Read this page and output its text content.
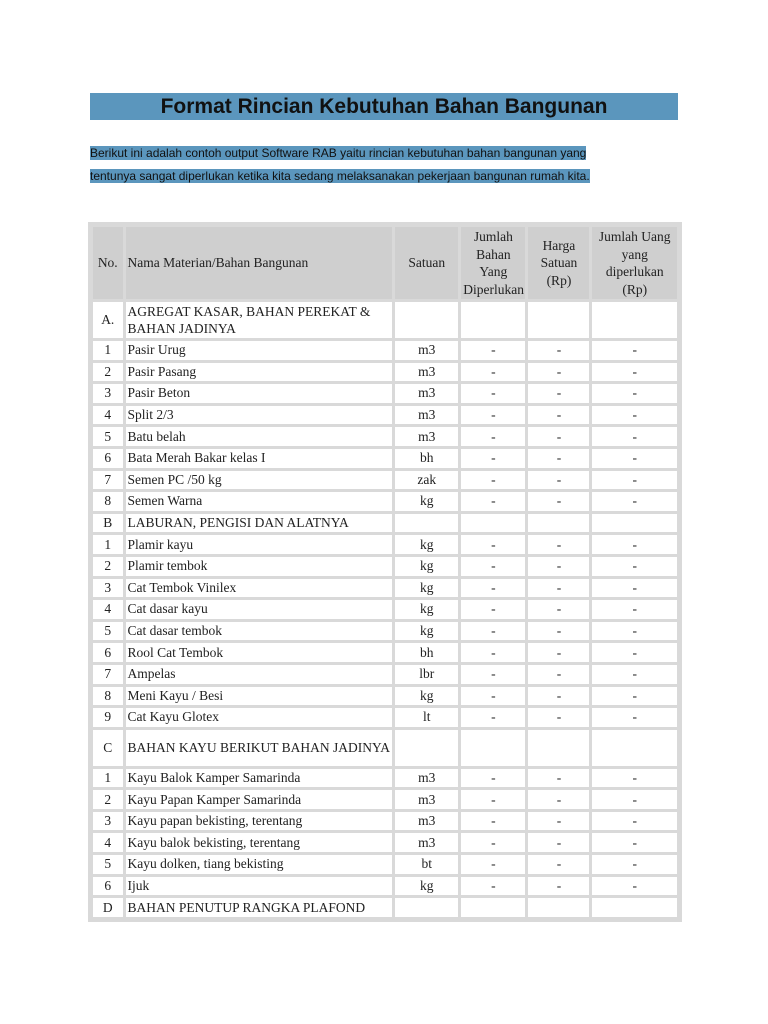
Format Rincian Kebutuhan Bahan Bangunan
Berikut ini adalah contoh output Software RAB yaitu rincian kebutuhan bahan bangunan yang
tentunya sangat diperlukan ketika kita sedang melaksanakan pekerjaan bangunan rumah kita.
No.	Nama Materian/Bahan Bangunan	Satuan	Jumlah Bahan Yang Diperlukan	Harga Satuan (Rp)	Jumlah Uang yang diperlukan (Rp)
A.	AGREGAT KASAR, BAHAN PEREKAT & BAHAN JADINYA				
1	Pasir Urug	m3	-	-	-
2	Pasir Pasang	m3	-	-	-
3	Pasir Beton	m3	-	-	-
4	Split 2/3	m3	-	-	-
5	Batu belah	m3	-	-	-
6	Bata Merah Bakar kelas I	bh	-	-	-
7	Semen PC /50 kg	zak	-	-	-
8	Semen Warna	kg	-	-	-
B	LABURAN, PENGISI DAN ALATNYA				
1	Plamir kayu	kg	-	-	-
2	Plamir tembok	kg	-	-	-
3	Cat Tembok Vinilex	kg	-	-	-
4	Cat dasar kayu	kg	-	-	-
5	Cat dasar tembok	kg	-	-	-
6	Rool Cat Tembok	bh	-	-	-
7	Ampelas	lbr	-	-	-
8	Meni Kayu / Besi	kg	-	-	-
9	Cat Kayu Glotex	lt	-	-	-
C	BAHAN KAYU BERIKUT BAHAN JADINYA				
1	Kayu Balok Kamper Samarinda	m3	-	-	-
2	Kayu Papan Kamper Samarinda	m3	-	-	-
3	Kayu papan bekisting, terentang	m3	-	-	-
4	Kayu balok bekisting, terentang	m3	-	-	-
5	Kayu dolken, tiang bekisting	bt	-	-	-
6	Ijuk	kg	-	-	-
D	BAHAN PENUTUP RANGKA PLAFOND				
